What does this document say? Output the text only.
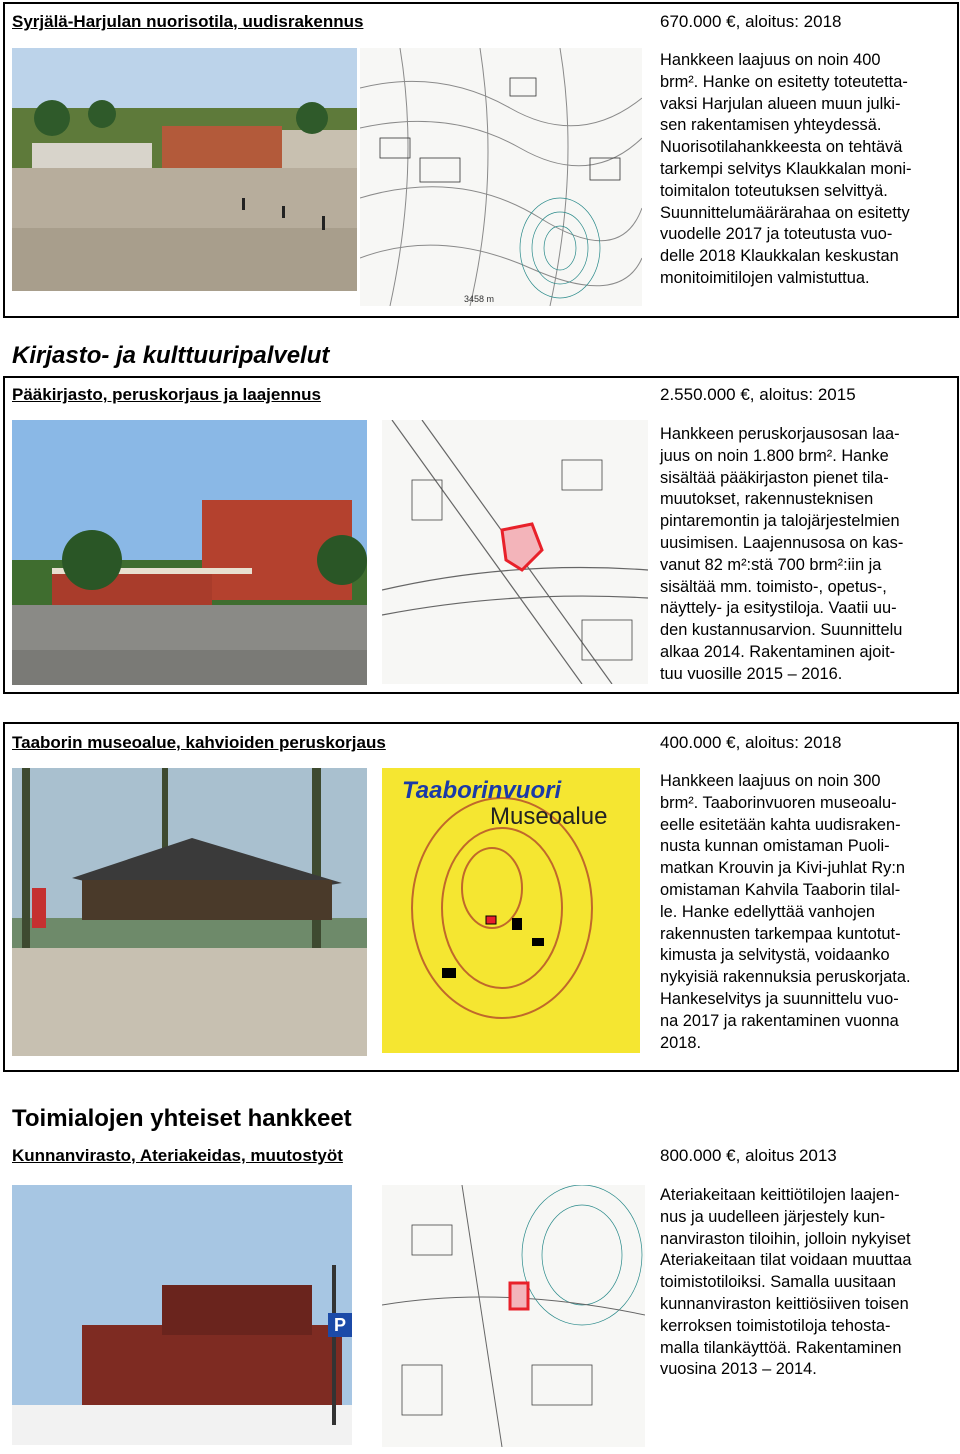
Syrjälä-Harjulan nuorisotila, uudisrakennus	670.000 €, aloitus: 2018
3458 m
Hankkeen laajuus on noin 400
brm². Hanke on esitetty toteutetta-
vaksi Harjulan alueen muun julki-
sen rakentamisen yhteydessä.
Nuorisotilahankkeesta on tehtävä
tarkempi selvitys Klaukkalan moni-
toimitalon toteutuksen selvittyä.
Suunnittelumäärärahaa on esitetty
vuodelle 2017 ja toteutusta vuo-
delle 2018 Klaukkalan keskustan
monitoimitilojen valmistuttua.
Kirjasto- ja kulttuuripalvelut
Pääkirjasto, peruskorjaus ja laajennus	2.550.000 €, aloitus: 2015
Hankkeen peruskorjausosan laa-
juus on noin 1.800 brm². Hanke
sisältää pääkirjaston pienet tila-
muutokset, rakennusteknisen
pintaremontin ja talojärjestelmien
uusimisen. Laajennusosa on kas-
vanut 82 m²:stä 700 brm²:iin ja
sisältää mm. toimisto-, opetus-,
näyttely- ja esitystiloja. Vaatii uu-
den kustannusarvion. Suunnittelu
alkaa 2014. Rakentaminen ajoit-
tuu vuosille 2015 – 2016.
Taaborin museoalue, kahvioiden peruskorjaus	400.000 €, aloitus: 2018
Taaborinvuori
Museoalue
Hankkeen laajuus on noin 300
brm². Taaborinvuoren museoalu-
eelle esitetään kahta uudisraken-
nusta kunnan omistaman Puoli-
matkan Krouvin ja Kivi-juhlat Ry:n
omistaman Kahvila Taaborin tilal-
le. Hanke edellyttää vanhojen
rakennusten tarkempaa kuntotut-
kimusta ja selvitystä, voidaanko
nykyisiä rakennuksia peruskorjata.
Hankeselvitys ja suunnittelu vuo-
na 2017 ja rakentaminen vuonna
2018.
Toimialojen yhteiset hankkeet
Kunnanvirasto, Ateriakeidas, muutostyöt	800.000 €, aloitus 2013
P
Ateriakeitaan keittiötilojen laajen-
nus ja uudelleen järjestely kun-
nanviraston tiloihin, jolloin nykyiset
Ateriakeitaan tilat voidaan muuttaa
toimistotiloiksi. Samalla uusitaan
kunnanviraston keittiösiiven toisen
kerroksen toimistotiloja tehosta-
malla tilankäyttöä. Rakentaminen
vuosina 2013 – 2014.
